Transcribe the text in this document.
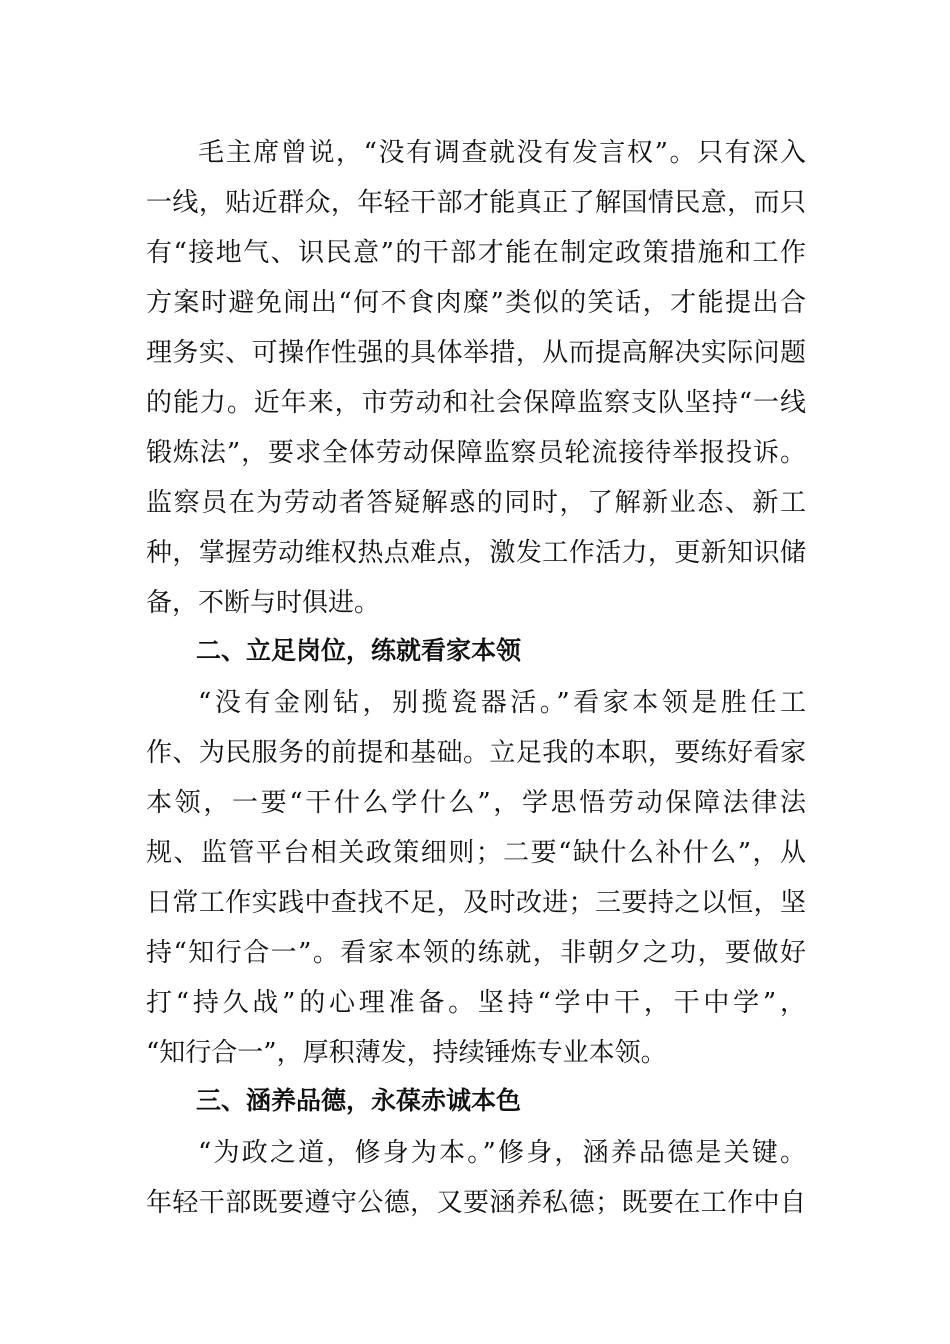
毛主席曾说，“没有调查就没有发言权”。只有深入
一线，贴近群众，年轻干部才能真正了解国情民意，而只
有“接地气、识民意”的干部才能在制定政策措施和工作
方案时避免闹出“何不食肉糜”类似的笑话，才能提出合
理务实、可操作性强的具体举措，从而提高解决实际问题
的能力。近年来，市劳动和社会保障监察支队坚持“一线
锻炼法”，要求全体劳动保障监察员轮流接待举报投诉。
监察员在为劳动者答疑解惑的同时，了解新业态、新工
种，掌握劳动维权热点难点，激发工作活力，更新知识储
备，不断与时俱进。
二、立足岗位，练就看家本领
“没有金刚钻，别揽瓷器活。”看家本领是胜任工
作、为民服务的前提和基础。立足我的本职，要练好看家
本领，一要“干什么学什么”，学思悟劳动保障法律法
规、监管平台相关政策细则；二要“缺什么补什么”，从
日常工作实践中查找不足，及时改进；三要持之以恒，坚
持“知行合一”。看家本领的练就，非朝夕之功，要做好
打“持久战”的心理准备。坚持“学中干，干中学”，
“知行合一”，厚积薄发，持续锤炼专业本领。
三、涵养品德，永葆赤诚本色
“为政之道，修身为本。”修身，涵养品德是关键。
年轻干部既要遵守公德，又要涵养私德；既要在工作中自
